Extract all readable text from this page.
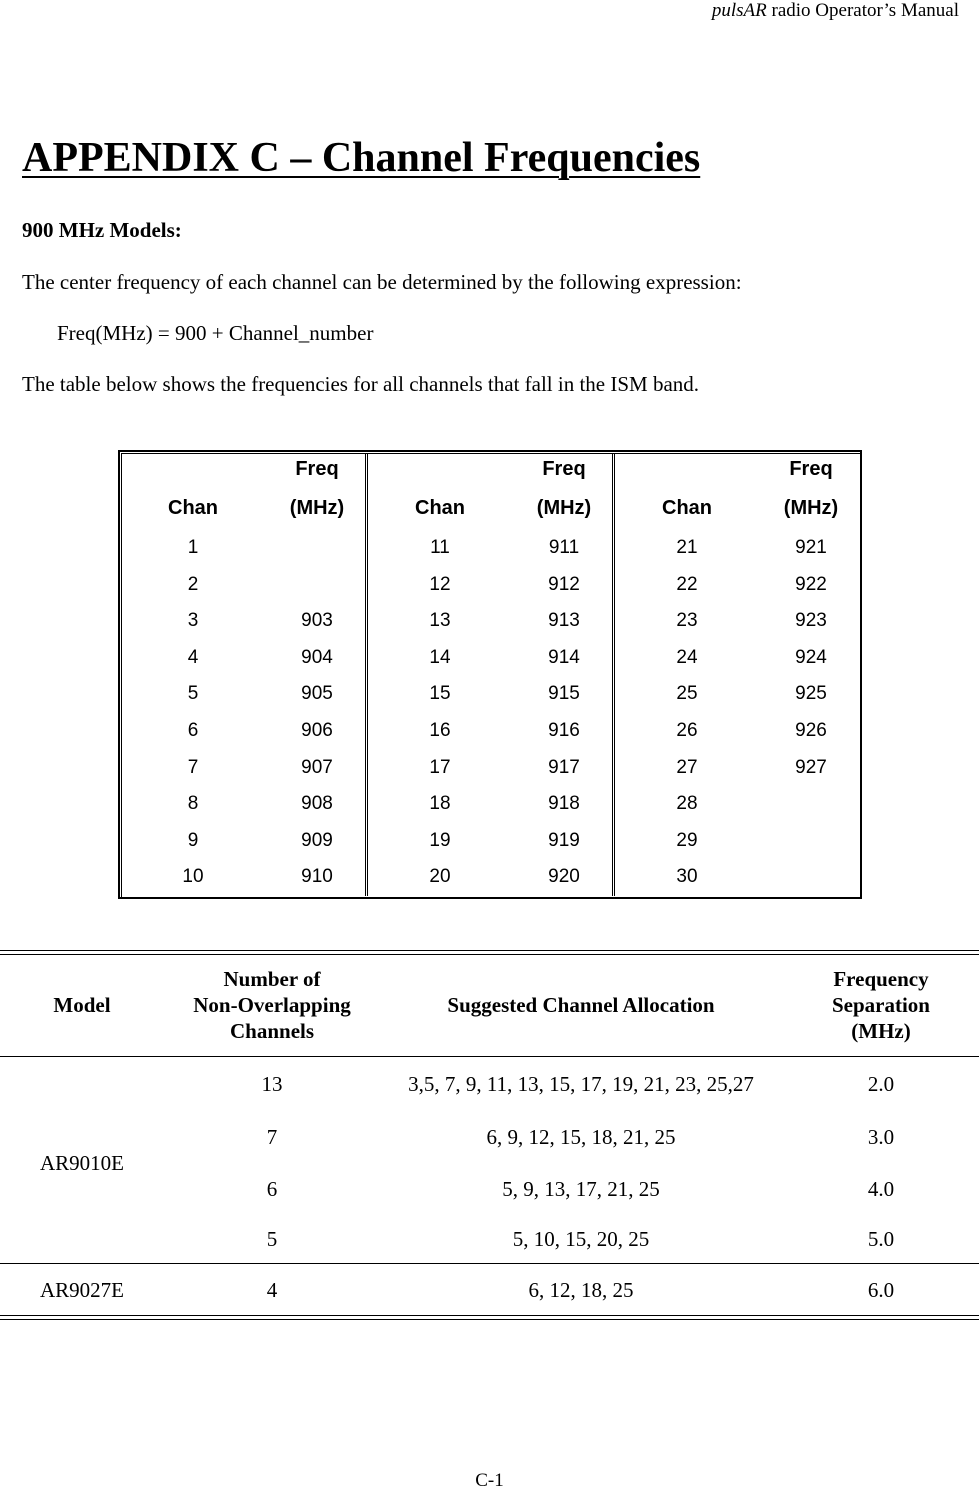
pulsAR radio Operator’s Manual
APPENDIX C – Channel Frequencies
900 MHz Models:
The center frequency of each channel can be determined by the following expression:
Freq(MHz) = 900 + Channel_number
The table below shows the frequencies for all channels that fall in the ISM band.
Freq
Chan	(MHz)
1
2
3	903
4	904
5	905
6	906
7	907
8	908
9	909
10	910
Freq
Chan	(MHz)
11	911
12	912
13	913
14	914
15	915
16	916
17	917
18	918
19	919
20	920
Freq
Chan	(MHz)
21	921
22	922
23	923
24	924
25	925
26	926
27	927
28
29
30
Model
Number of
Non-Overlapping
Channels
Suggested Channel Allocation
Frequency
Separation
(MHz)
AR9010E
13	3,5, 7, 9, 11, 13, 15, 17, 19, 21, 23, 25,27	2.0
7	6, 9, 12, 15, 18, 21, 25	3.0
6	5, 9, 13, 17, 21, 25	4.0
5	5, 10, 15, 20, 25	5.0
AR9027E	4	6, 12, 18, 25	6.0
C-1
